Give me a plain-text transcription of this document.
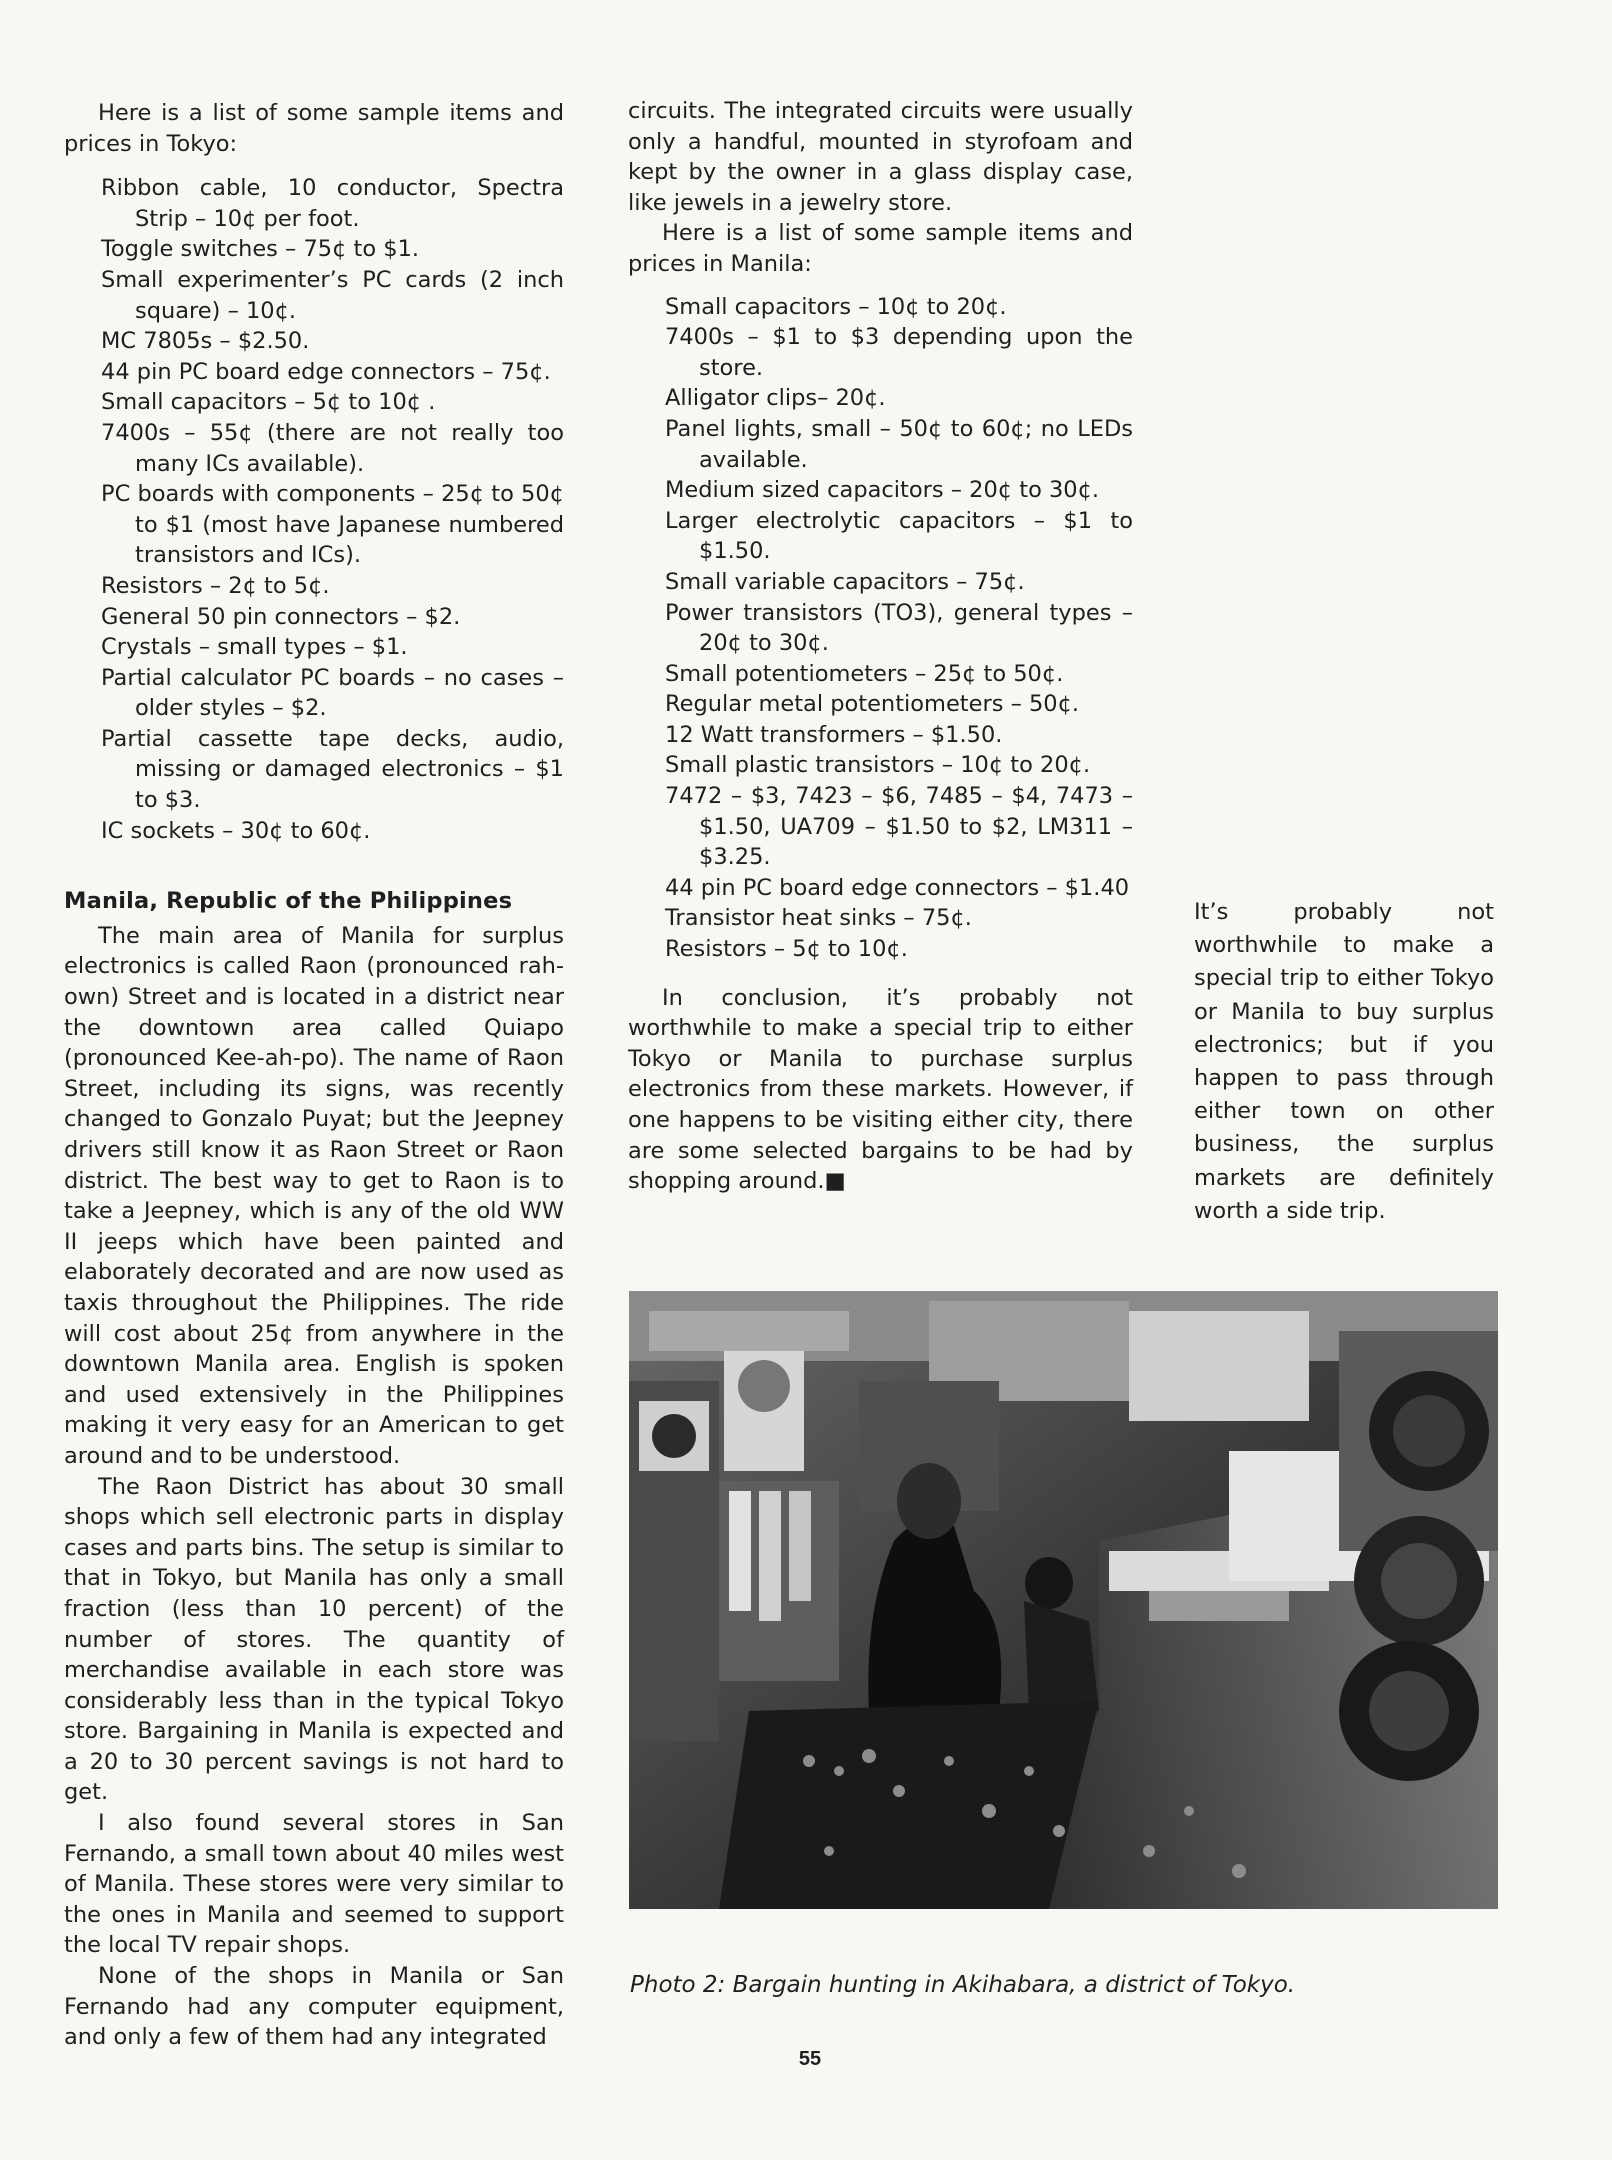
Here is a list of some sample items and prices in Tokyo:

Ribbon cable, 10 conductor, Spectra Strip – 10¢ per foot.

Toggle switches – 75¢ to $1.

Small experimenter’s PC cards (2 inch square) – 10¢.

MC 7805s – $2.50.

44 pin PC board edge connectors – 75¢.

Small capacitors – 5¢ to 10¢ .

7400s – 55¢ (there are not really too many ICs available).

PC boards with components – 25¢ to 50¢ to $1 (most have Japanese numbered transistors and ICs).

Resistors – 2¢ to 5¢.

General 50 pin connectors – $2.

Crystals – small types – $1.

Partial calculator PC boards – no cases – older styles – $2.

Partial cassette tape decks, audio, missing or damaged electronics – $1 to $3.

IC sockets – 30¢ to 60¢.

Manila, Republic of the Philippines

The main area of Manila for surplus electronics is called Raon (pronounced rah-own) Street and is located in a district near the downtown area called Quiapo (pronounced Kee-ah-po). The name of Raon Street, including its signs, was recently changed to Gonzalo Puyat; but the Jeepney drivers still know it as Raon Street or Raon district. The best way to get to Raon is to take a Jeepney, which is any of the old WW II jeeps which have been painted and elaborately decorated and are now used as taxis throughout the Philippines. The ride will cost about 25¢ from anywhere in the downtown Manila area. English is spoken and used extensively in the Philippines making it very easy for an American to get around and to be understood.

The Raon District has about 30 small shops which sell electronic parts in display cases and parts bins. The setup is similar to that in Tokyo, but Manila has only a small fraction (less than 10 percent) of the number of stores. The quantity of merchandise available in each store was considerably less than in the typical Tokyo store. Bargaining in Manila is expected and a 20 to 30 percent savings is not hard to get.

I also found several stores in San Fernando, a small town about 40 miles west of Manila. These stores were very similar to the ones in Manila and seemed to support the local TV repair shops.

None of the shops in Manila or San Fernando had any computer equipment, and only a few of them had any integrated

circuits. The integrated circuits were usually only a handful, mounted in styrofoam and kept by the owner in a glass display case, like jewels in a jewelry store.

Here is a list of some sample items and prices in Manila:

Small capacitors – 10¢ to 20¢.

7400s – $1 to $3 depending upon the store.

Alligator clips– 20¢.

Panel lights, small – 50¢ to 60¢; no LEDs available.

Medium sized capacitors – 20¢ to 30¢.

Larger electrolytic capacitors – $1 to $1.50.

Small variable capacitors – 75¢.

Power transistors (TO3), general types – 20¢ to 30¢.

Small potentiometers – 25¢ to 50¢.

Regular metal potentiometers – 50¢.

12 Watt transformers – $1.50.

Small plastic transistors – 10¢ to 20¢.

7472 – $3, 7423 – $6, 7485 – $4, 7473 – $1.50, UA709 – $1.50 to $2, LM311 – $3.25.

44 pin PC board edge connectors – $1.40

Transistor heat sinks – 75¢.

Resistors – 5¢ to 10¢.

In conclusion, it’s probably not worthwhile to make a special trip to either Tokyo or Manila to purchase surplus electronics from these markets. However, if one happens to be visiting either city, there are some selected bargains to be had by shopping around.■

It’s probably not worthwhile to make a special trip to either Tokyo or Manila to buy surplus electronics; but if you happen to pass through either town on other business, the surplus markets are definitely worth a side trip.

Photo 2: Bargain hunting in Akihabara, a district of Tokyo.
55
